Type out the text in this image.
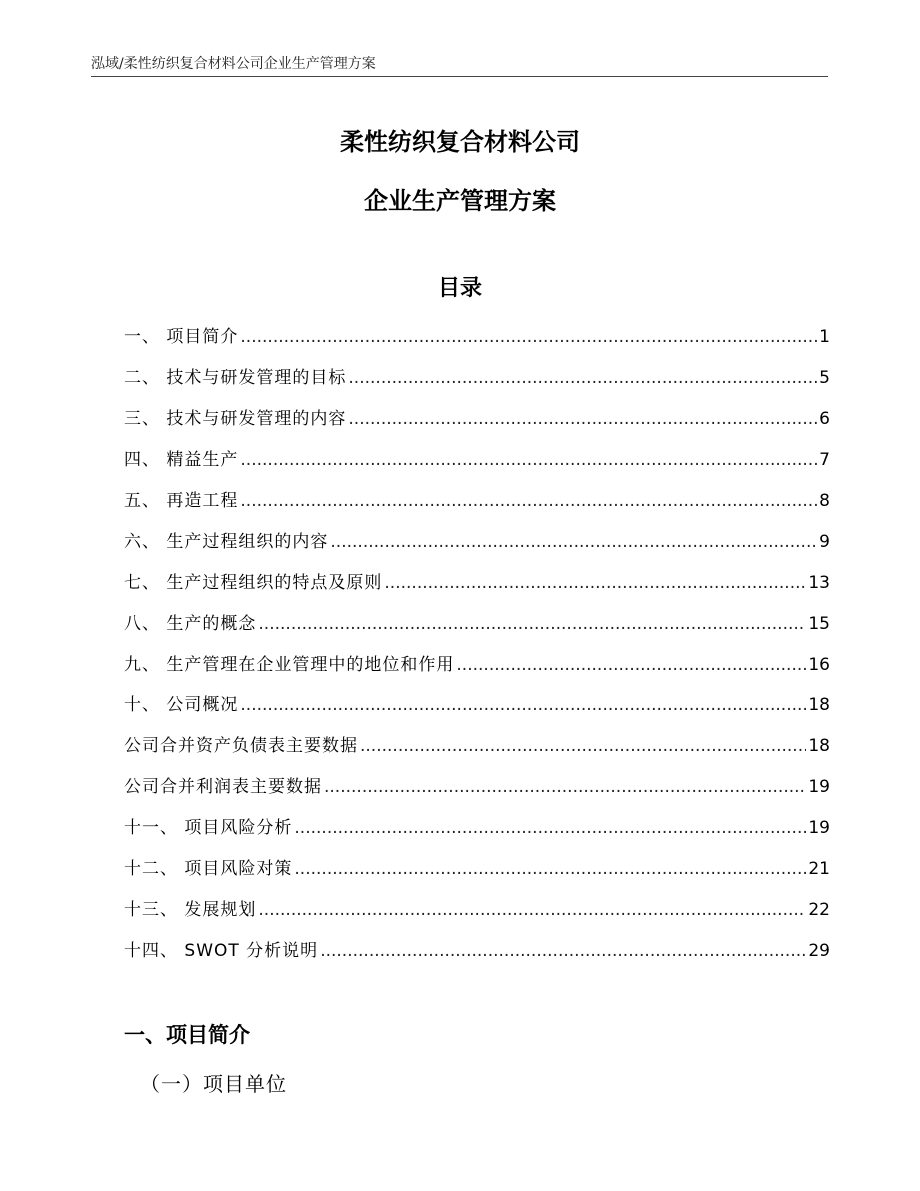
泓域/柔性纺织复合材料公司企业生产管理方案
柔性纺织复合材料公司
企业生产管理方案
目录
一、 项目简介 .....	1
二、 技术与研发管理的目标 .....	5
三、 技术与研发管理的内容 .....	6
四、 精益生产 .....	7
五、 再造工程 .....	8
六、 生产过程组织的内容 .....	9
七、 生产过程组织的特点及原则 .....	13
八、 生产的概念 .....	15
九、 生产管理在企业管理中的地位和作用 .....	16
十、 公司概况 .....	18
公司合并资产负债表主要数据 .....	18
公司合并利润表主要数据 .....	19
十一、 项目风险分析 .....	19
十二、 项目风险对策 .....	21
十三、 发展规划 .....	22
十四、 SWOT 分析说明 .....	29
一、项目简介
（一）项目单位
